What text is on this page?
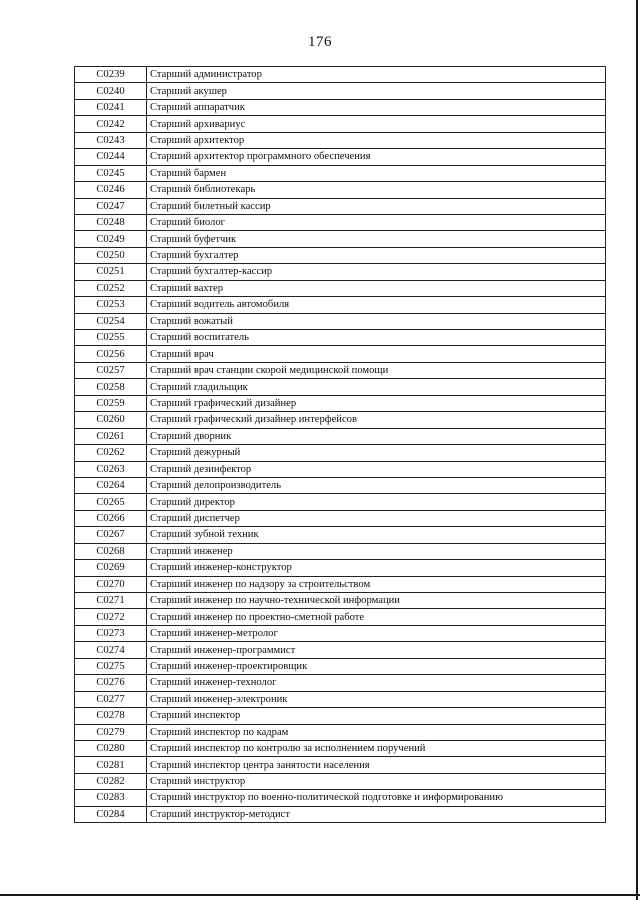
176
C0239	Старший администратор
C0240	Старший акушер
C0241	Старший аппаратчик
C0242	Старший архивариус
C0243	Старший архитектор
C0244	Старший архитектор программного обеспечения
C0245	Старший бармен
C0246	Старший библиотекарь
C0247	Старший билетный кассир
C0248	Старший биолог
C0249	Старший буфетчик
C0250	Старший бухгалтер
C0251	Старший бухгалтер-кассир
C0252	Старший вахтер
C0253	Старший водитель автомобиля
C0254	Старший вожатый
C0255	Старший воспитатель
C0256	Старший врач
C0257	Старший врач станции скорой медицинской помощи
C0258	Старший гладильщик
C0259	Старший графический дизайнер
C0260	Старший графический дизайнер интерфейсов
C0261	Старший дворник
C0262	Старший дежурный
C0263	Старший дезинфектор
C0264	Старший делопроизводитель
C0265	Старший директор
C0266	Старший диспетчер
C0267	Старший зубной техник
C0268	Старший инженер
C0269	Старший инженер-конструктор
C0270	Старший инженер по надзору за строительством
C0271	Старший инженер по научно-технической информации
C0272	Старший инженер по проектно-сметной работе
C0273	Старший инженер-метролог
C0274	Старший инженер-программист
C0275	Старший инженер-проектировщик
C0276	Старший инженер-технолог
C0277	Старший инженер-электроник
C0278	Старший инспектор
C0279	Старший инспектор по кадрам
C0280	Старший инспектор по контролю за исполнением поручений
C0281	Старший инспектор центра занятости населения
C0282	Старший инструктор
C0283	Старший инструктор по военно-политической подготовке и информированию
C0284	Старший инструктор-методист
